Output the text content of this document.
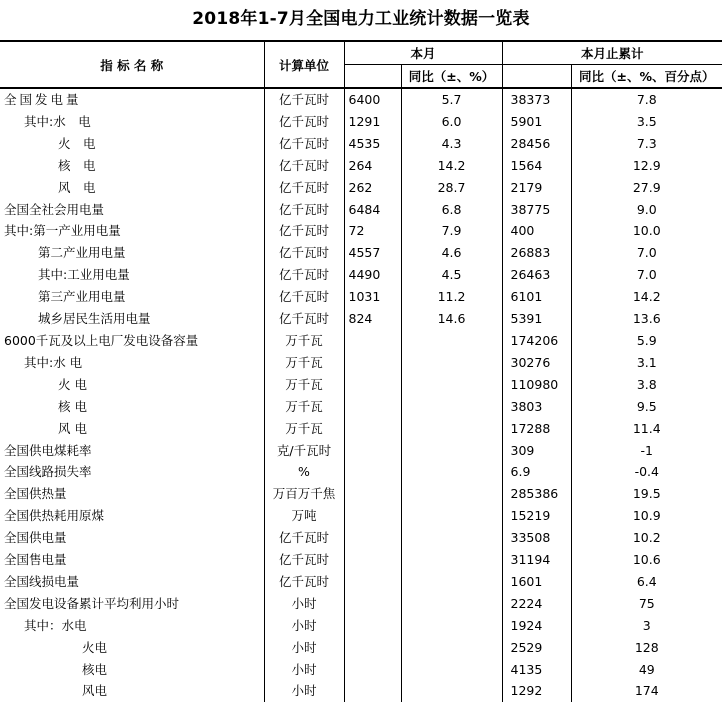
2018年1-7月全国电力工业统计数据一览表
指 标 名 称	计算单位	本月		本月止累计	
			同比（±、%）		同比（±、%、百分点）
全国发电量	亿千瓦时	6400	5.7	38373	7.8
其中:水　电	亿千瓦时	1291	6.0	5901	3.5
火　电	亿千瓦时	4535	4.3	28456	7.3
核　电	亿千瓦时	264	14.2	1564	12.9
风　电	亿千瓦时	262	28.7	2179	27.9
全国全社会用电量	亿千瓦时	6484	6.8	38775	9.0
其中:第一产业用电量	亿千瓦时	72	7.9	400	10.0
第二产业用电量	亿千瓦时	4557	4.6	26883	7.0
其中:工业用电量	亿千瓦时	4490	4.5	26463	7.0
第三产业用电量	亿千瓦时	1031	11.2	6101	14.2
城乡居民生活用电量	亿千瓦时	824	14.6	5391	13.6
6000千瓦及以上电厂发电设备容量	万千瓦			174206	5.9
其中:水 电	万千瓦			30276	3.1
火 电	万千瓦			110980	3.8
核 电	万千瓦			3803	9.5
风 电	万千瓦			17288	11.4
全国供电煤耗率	克/千瓦时			309	-1
全国线路损失率	%			6.9	-0.4
全国供热量	万百万千焦			285386	19.5
全国供热耗用原煤	万吨			15219	10.9
全国供电量	亿千瓦时			33508	10.2
全国售电量	亿千瓦时			31194	10.6
全国线损电量	亿千瓦时			1601	6.4
全国发电设备累计平均利用小时	小时			2224	75
其中：水电	小时			1924	3
火电	小时			2529	128
核电	小时			4135	49
风电	小时			1292	174
